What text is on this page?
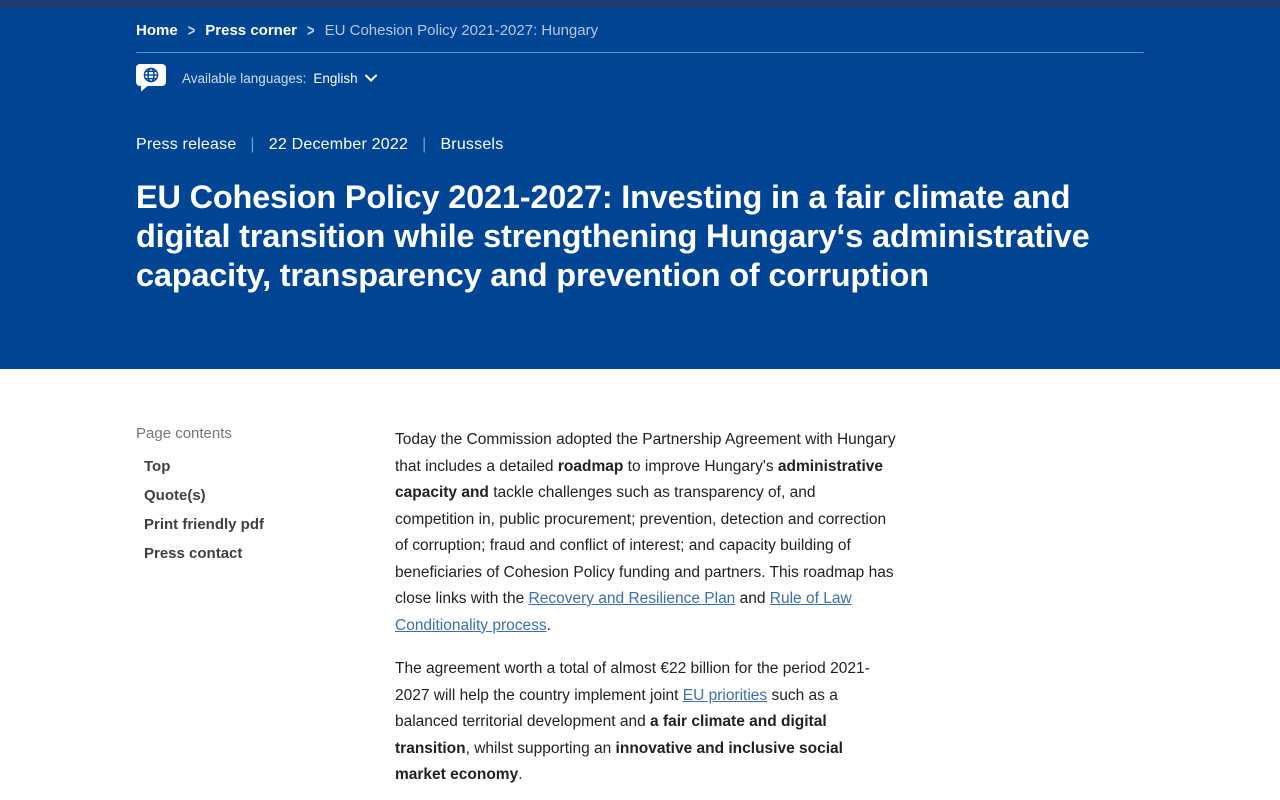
Home > Press corner > EU Cohesion Policy 2021-2027: Hungary
Available languages: English
Press release | 22 December 2022 | Brussels
EU Cohesion Policy 2021-2027: Investing in a fair climate and digital transition while strengthening Hungary‘s administrative capacity, transparency and prevention of corruption
Page contents
Top
Quote(s)
Print friendly pdf
Press contact

Today the Commission adopted the Partnership Agreement with Hungary that includes a detailed roadmap to improve Hungary's administrative capacity and tackle challenges such as transparency of, and competition in, public procurement; prevention, detection and correction of corruption; fraud and conflict of interest; and capacity building of beneficiaries of Cohesion Policy funding and partners. This roadmap has close links with the Recovery and Resilience Plan and Rule of Law Conditionality process.

The agreement worth a total of almost €22 billion for the period 2021-2027 will help the country implement joint EU priorities such as a balanced territorial development and a fair climate and digital transition, whilst supporting an innovative and inclusive social market economy.
